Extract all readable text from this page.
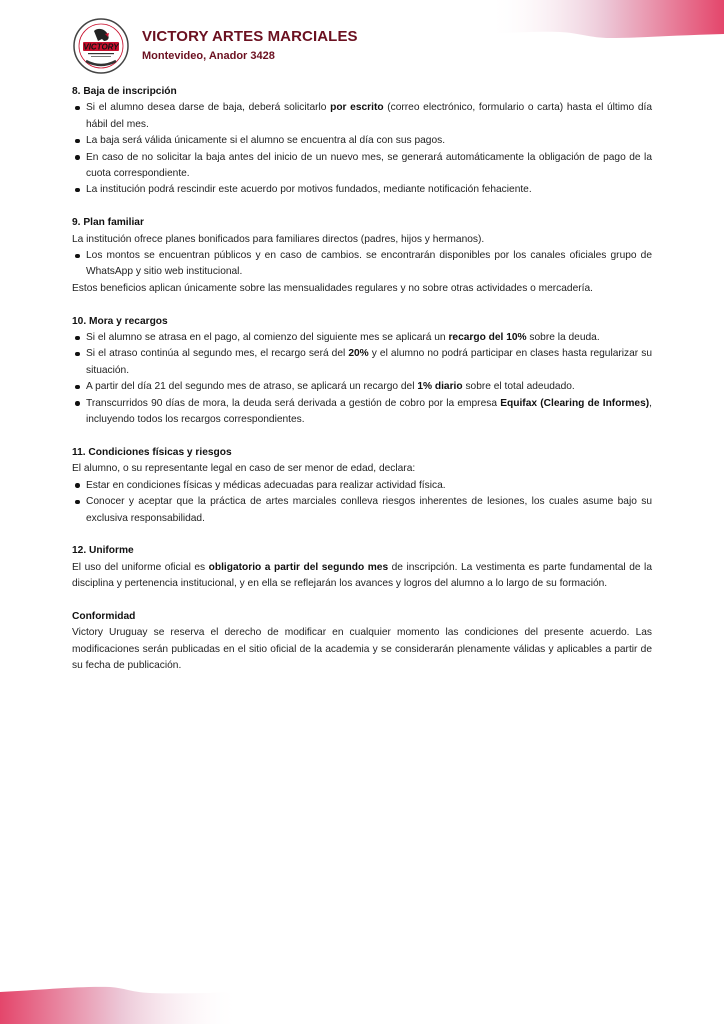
VICTORY
VICTORY ARTES MARCIALES
Montevideo, Anador 3428
8. Baja de inscripción
Si el alumno desea darse de baja, deberá solicitarlo por escrito (correo electrónico, formulario o carta) hasta el último día hábil del mes.
La baja será válida únicamente si el alumno se encuentra al día con sus pagos.
En caso de no solicitar la baja antes del inicio de un nuevo mes, se generará automáticamente la obligación de pago de la cuota correspondiente.
La institución podrá rescindir este acuerdo por motivos fundados, mediante notificación fehaciente.
9. Plan familiar
La institución ofrece planes bonificados para familiares directos (padres, hijos y hermanos).
Los montos se encuentran públicos y en caso de cambios. se encontrarán disponibles por los canales oficiales grupo de WhatsApp y sitio web institucional.
Estos beneficios aplican únicamente sobre las mensualidades regulares y no sobre otras actividades o mercadería.
10. Mora y recargos
Si el alumno se atrasa en el pago, al comienzo del siguiente mes se aplicará un recargo del 10% sobre la deuda.
Si el atraso continúa al segundo mes, el recargo será del 20% y el alumno no podrá participar en clases hasta regularizar su situación.
A partir del día 21 del segundo mes de atraso, se aplicará un recargo del 1% diario sobre el total adeudado.
Transcurridos 90 días de mora, la deuda será derivada a gestión de cobro por la empresa Equifax (Clearing de Informes), incluyendo todos los recargos correspondientes.
11. Condiciones físicas y riesgos
El alumno, o su representante legal en caso de ser menor de edad, declara:
Estar en condiciones físicas y médicas adecuadas para realizar actividad física.
Conocer y aceptar que la práctica de artes marciales conlleva riesgos inherentes de lesiones, los cuales asume bajo su exclusiva responsabilidad.
12. Uniforme
El uso del uniforme oficial es obligatorio a partir del segundo mes de inscripción. La vestimenta es parte fundamental de la disciplina y pertenencia institucional, y en ella se reflejarán los avances y logros del alumno a lo largo de su formación.
Conformidad
Victory Uruguay se reserva el derecho de modificar en cualquier momento las condiciones del presente acuerdo. Las modificaciones serán publicadas en el sitio oficial de la academia y se considerarán plenamente válidas y aplicables a partir de su fecha de publicación.
